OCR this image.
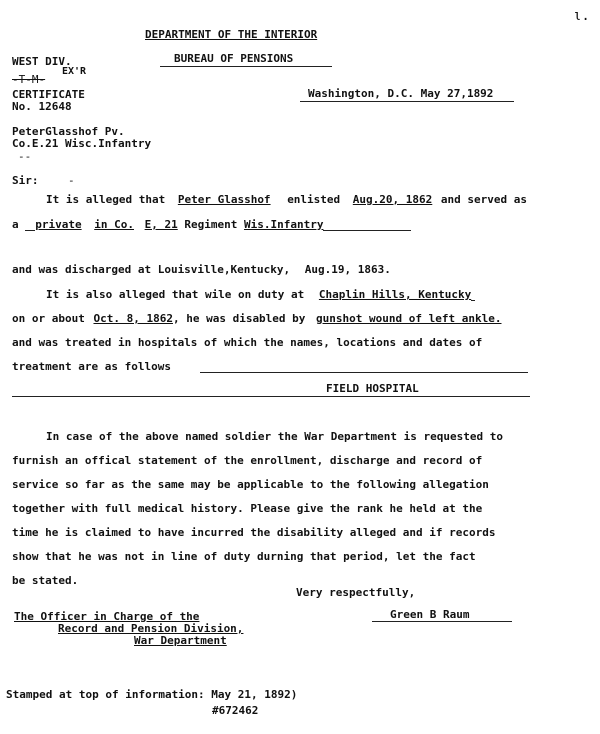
DEPARTMENT OF THE INTERIOR
BUREAU OF PENSIONS
ι.
WEST DIV.
EX'R
-T-M-
CERTIFICATE
No. 12648
PeterGlasshof Pv.
Co.E.21 Wisc.Infantry
--
Washington, D.C. May 27,1892
Sir:	-
It is alleged that Peter Glasshof enlisted Aug.20, 1862 and served as
a private in Co. E, 21 Regiment Wis.Infantry
and was discharged at Louisville,Kentucky, Aug.19, 1863.
It is also alleged that wile on duty at Chaplin Hills, Kentucky
on or about Oct. 8, 1862, he was disabled by gunshot wound of left ankle.
and was treated in hospitals of which the names, locations and dates of
treatment are as follows
FIELD HOSPITAL
In case of the above named soldier the War Department is requested to
furnish an offical statement of the enrollment, discharge and record of
service so far as the same may be applicable to the following allegation
together with full medical history. Please give the rank he held at the
time he is claimed to have incurred the disability alleged and if records
show that he was not in line of duty durning that period, let the fact
be stated.
Very respectfully,
Green B Raum
The Officer in Charge of the
Record and Pension Division,
War Department
Stamped at top of information: May 21, 1892)
#672462
